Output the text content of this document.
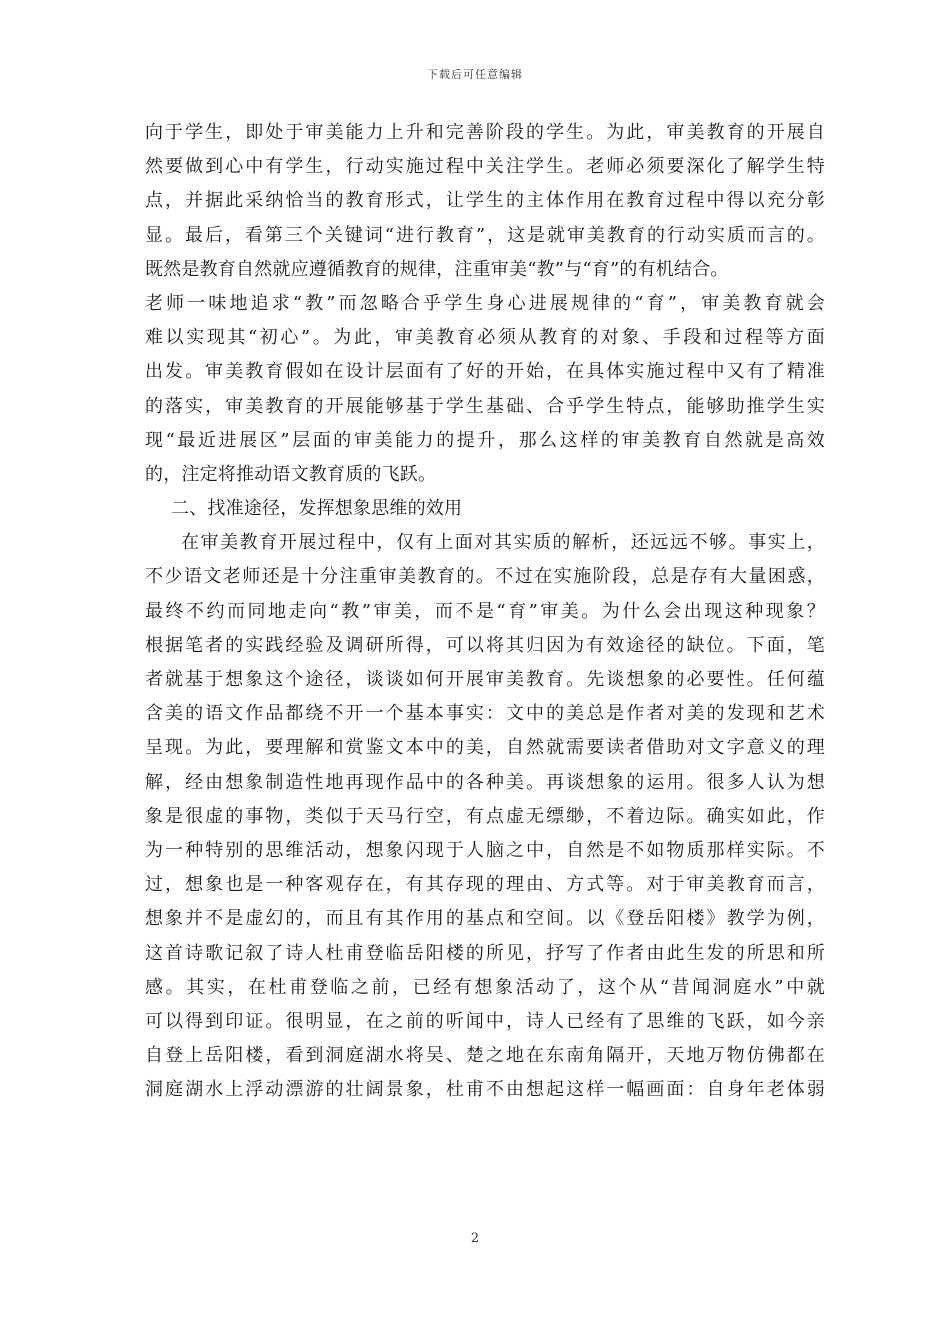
下载后可任意编辑
向于学生，即处于审美能力上升和完善阶段的学生。为此，审美教育的开展自
然要做到心中有学生，行动实施过程中关注学生。老师必须要深化了解学生特
点，并据此采纳恰当的教育形式，让学生的主体作用在教育过程中得以充分彰
显。最后，看第三个关键词“进行教育”，这是就审美教育的行动实质而言的。
既然是教育自然就应遵循教育的规律，注重审美“教”与“育”的有机结合。
老师一味地追求“教”而忽略合乎学生身心进展规律的“育”，审美教育就会
难以实现其“初心”。为此，审美教育必须从教育的对象、手段和过程等方面
出发。审美教育假如在设计层面有了好的开始，在具体实施过程中又有了精准
的落实，审美教育的开展能够基于学生基础、合乎学生特点，能够助推学生实
现“最近进展区”层面的审美能力的提升，那么这样的审美教育自然就是高效
的，注定将推动语文教育质的飞跃。
二、找准途径，发挥想象思维的效用
在审美教育开展过程中，仅有上面对其实质的解析，还远远不够。事实上，
不少语文老师还是十分注重审美教育的。不过在实施阶段，总是存有大量困惑，
最终不约而同地走向“教”审美，而不是“育”审美。为什么会出现这种现象？
根据笔者的实践经验及调研所得，可以将其归因为有效途径的缺位。下面，笔
者就基于想象这个途径，谈谈如何开展审美教育。先谈想象的必要性。任何蕴
含美的语文作品都绕不开一个基本事实：文中的美总是作者对美的发现和艺术
呈现。为此，要理解和赏鉴文本中的美，自然就需要读者借助对文字意义的理
解，经由想象制造性地再现作品中的各种美。再谈想象的运用。很多人认为想
象是很虚的事物，类似于天马行空，有点虚无缥缈，不着边际。确实如此，作
为一种特别的思维活动，想象闪现于人脑之中，自然是不如物质那样实际。不
过，想象也是一种客观存在，有其存现的理由、方式等。对于审美教育而言，
想象并不是虚幻的，而且有其作用的基点和空间。以《登岳阳楼》教学为例，
这首诗歌记叙了诗人杜甫登临岳阳楼的所见，抒写了作者由此生发的所思和所
感。其实，在杜甫登临之前，已经有想象活动了，这个从“昔闻洞庭水”中就
可以得到印证。很明显，在之前的听闻中，诗人已经有了思维的飞跃，如今亲
自登上岳阳楼，看到洞庭湖水将吴、楚之地在东南角隔开，天地万物仿佛都在
洞庭湖水上浮动漂游的壮阔景象，杜甫不由想起这样一幅画面：自身年老体弱
2
